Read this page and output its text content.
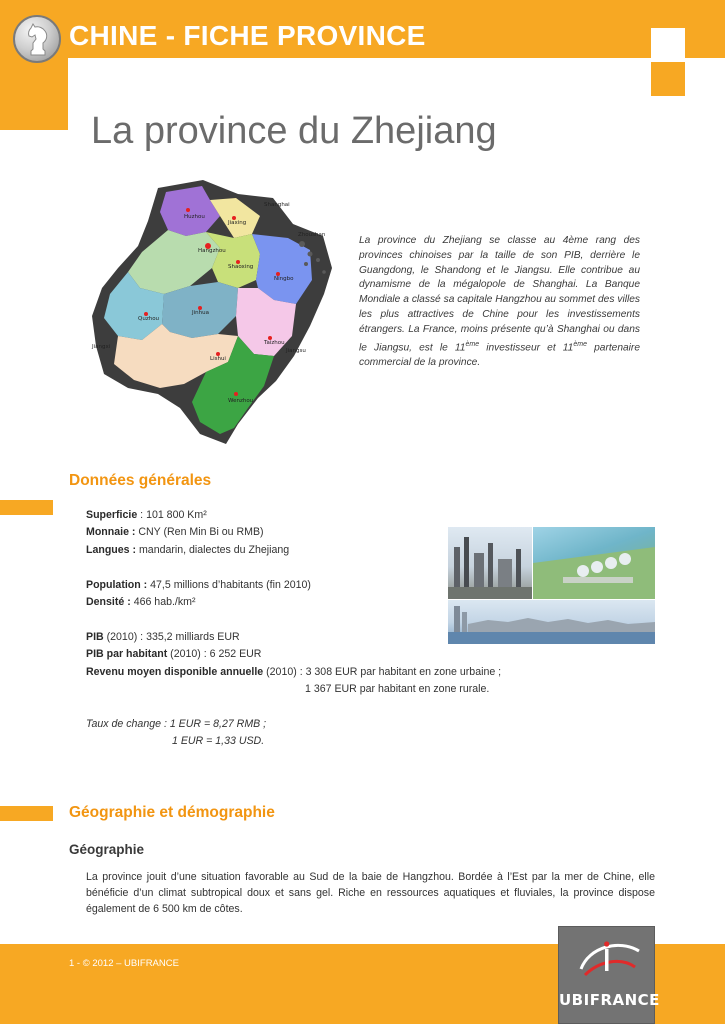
CHINE - FICHE PROVINCE
La province du Zhejiang
Shanghai
Hangzhou
Jiaxing
Huzhou
Shaoxing
Ningbo
Zhoushan
Jinhua
Quzhou
Lishui
Taizhou
Wenzhou
Jiangxi
Jiangsu
La province du Zhejiang se classe au 4ème rang des provinces chinoises par la taille de son PIB, derrière le Guangdong, le Shandong et le Jiangsu. Elle contribue au dynamisme de la mégalopole de Shanghai. La Banque Mondiale a classé sa capitale Hangzhou au sommet des villes les plus attractives de Chine pour les investissements étrangers. La France, moins présente qu’à Shanghai ou dans le Jiangsu, est le 11ème investisseur et 11ème partenaire commercial de la province.
Données générales
Superficie : 101 800 Km²
Monnaie : CNY (Ren Min Bi ou RMB)
Langues : mandarin, dialectes du Zhejiang
Population : 47,5 millions d’habitants (fin 2010)
Densité : 466 hab./km²
PIB (2010) : 335,2 milliards EUR
PIB par habitant (2010) : 6 252 EUR
Revenu moyen disponible annuelle (2010) : 3 308 EUR par habitant en zone urbaine ;
1 367 EUR par habitant en zone rurale.
Taux de change : 1 EUR = 8,27 RMB ;
1 EUR = 1,33 USD.
Géographie et démographie
Géographie
La province jouit d’une situation favorable au Sud de la baie de Hangzhou. Bordée à l’Est par la mer de Chine, elle bénéficie d’un climat subtropical doux et sans gel. Riche en ressources aquatiques et fluviales, la province dispose également de 6 500 km de côtes.
1 - © 2012 – UBIFRANCE
UBIFRANCE
